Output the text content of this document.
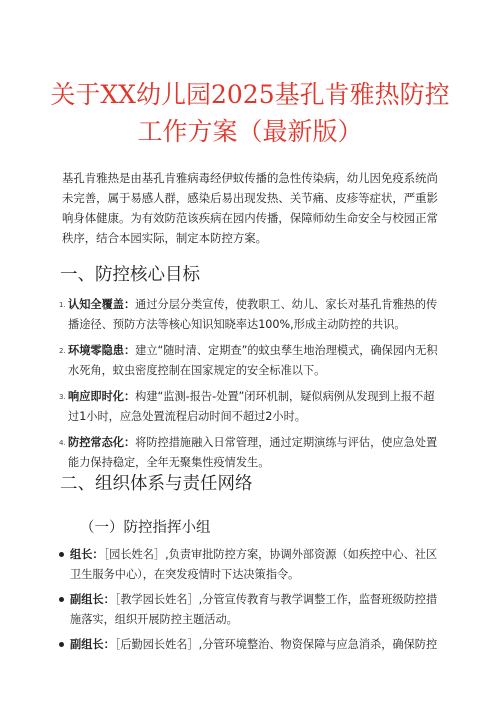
关于XX幼儿园2025基孔肯雅热防控
工作方案（最新版）

基孔肯雅热是由基孔肯雅病毒经伊蚊传播的急性传染病，幼儿因免疫系统尚未完善，属于易感人群，感染后易出现发热、关节痛、皮疹等症状，严重影响身体健康。为有效防范该疾病在园内传播，保障师幼生命安全与校园正常秩序，结合本园实际，制定本防控方案。

一、防控核心目标
1. 认知全覆盖：通过分层分类宣传，使教职工、幼儿、家长对基孔肯雅热的传播途径、预防方法等核心知识知晓率达100%,形成主动防控的共识。
2. 环境零隐患：建立“随时清、定期查”的蚊虫孳生地治理模式，确保园内无积水死角，蚊虫密度控制在国家规定的安全标准以下。
3. 响应即时化：构建“监测-报告-处置”闭环机制，疑似病例从发现到上报不超过1小时，应急处置流程启动时间不超过2小时。
4. 防控常态化：将防控措施融入日常管理，通过定期演练与评估，使应急处置能力保持稳定，全年无聚集性疫情发生。
二、组织体系与责任网络
（一）防控指挥小组
组长：［园长姓名］,负责审批防控方案，协调外部资源（如疾控中心、社区卫生服务中心），在突发疫情时下达决策指令。
副组长：［教学园长姓名］,分管宣传教育与教学调整工作，监督班级防控措施落实，组织开展防控主题活动。
副组长：［后勤园长姓名］,分管环境整治、物资保障与应急消杀，确保防控
